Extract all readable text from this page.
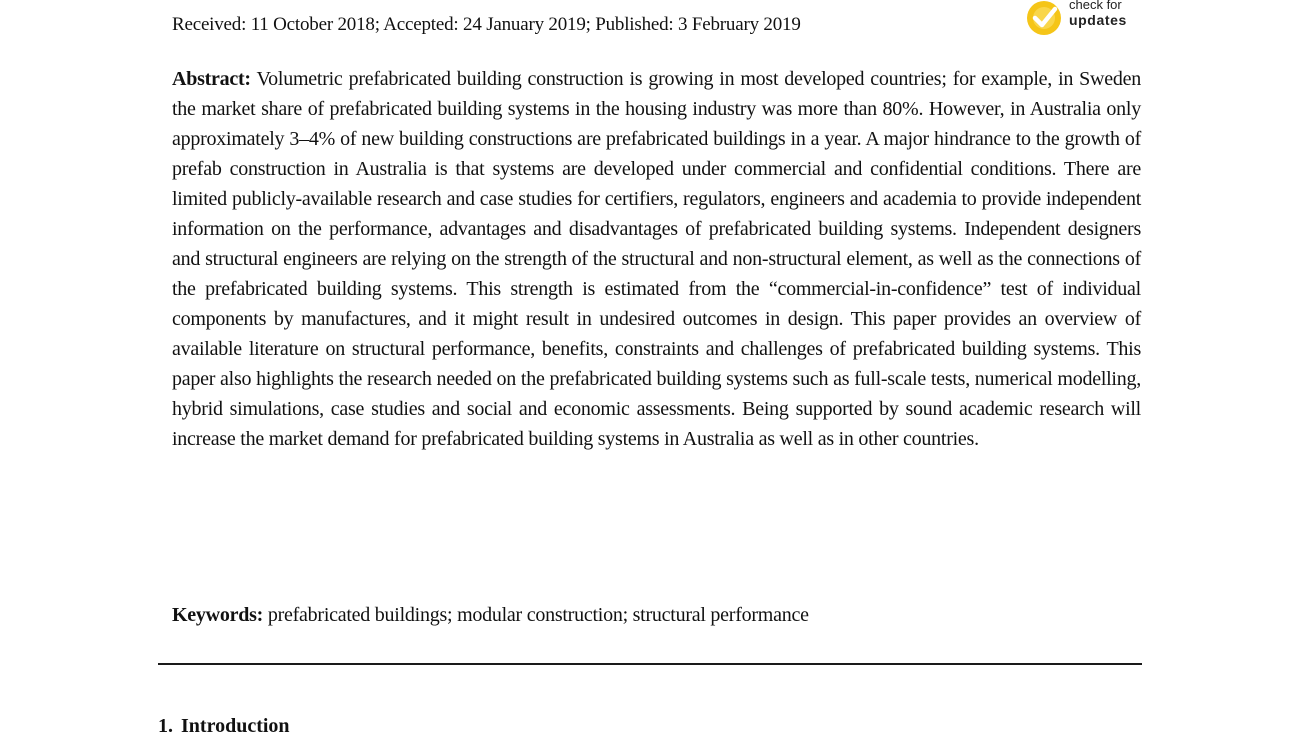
Received: 11 October 2018; Accepted: 24 January 2019; Published: 3 February 2019
check for
updates

Abstract: Volumetric prefabricated building construction is growing in most developed countries; for example, in Sweden the market share of prefabricated building systems in the housing industry was more than 80%. However, in Australia only approximately 3–4% of new building constructions are prefabricated buildings in a year. A major hindrance to the growth of prefab construction in Australia is that systems are developed under commercial and confidential conditions. There are limited publicly-available research and case studies for certifiers, regulators, engineers and academia to provide independent information on the performance, advantages and disadvantages of prefabricated building systems. Independent designers and structural engineers are relying on the strength of the structural and non-structural element, as well as the connections of the prefabricated building systems. This strength is estimated from the “commercial-in-confidence” test of individual components by manufactures, and it might result in undesired outcomes in design. This paper provides an overview of available literature on structural performance, benefits, constraints and challenges of prefabricated building systems. This paper also highlights the research needed on the prefabricated building systems such as full-scale tests, numerical modelling, hybrid simulations, case studies and social and economic assessments. Being supported by sound academic research will increase the market demand for prefabricated building systems in Australia as well as in other countries.

Keywords: prefabricated buildings; modular construction; structural performance

1. Introduction
